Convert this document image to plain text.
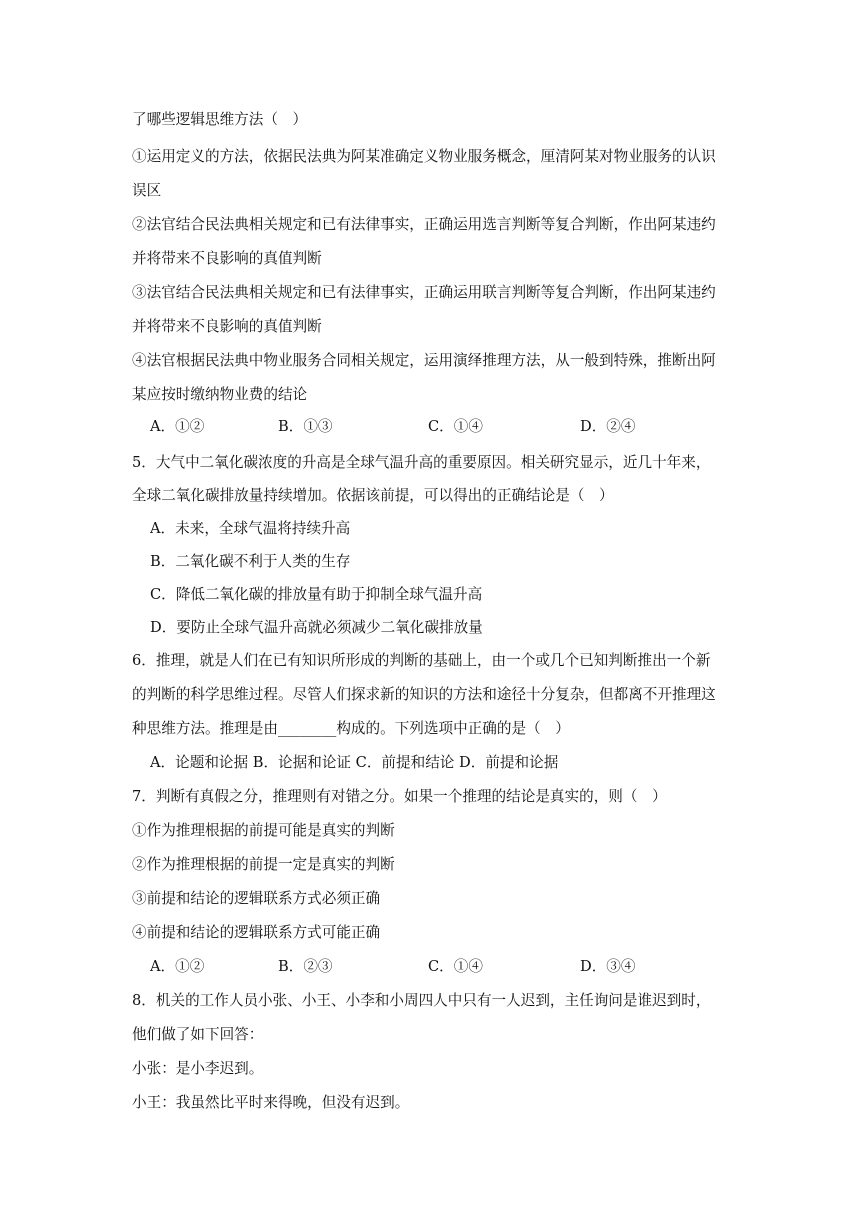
了哪些逻辑思维方法（　）
①运用定义的方法，依据民法典为阿某准确定义物业服务概念，厘清阿某对物业服务的认识
误区
②法官结合民法典相关规定和已有法律事实，正确运用选言判断等复合判断，作出阿某违约
并将带来不良影响的真值判断
③法官结合民法典相关规定和已有法律事实，正确运用联言判断等复合判断，作出阿某违约
并将带来不良影响的真值判断
④法官根据民法典中物业服务合同相关规定，运用演绎推理方法，从一般到特殊，推断出阿
某应按时缴纳物业费的结论
A．①②	B．①③	C．①④	D．②④
5．大气中二氧化碳浓度的升高是全球气温升高的重要原因。相关研究显示，近几十年来，
全球二氧化碳排放量持续增加。依据该前提，可以得出的正确结论是（　）
A．未来，全球气温将持续升高
B．二氧化碳不利于人类的生存
C．降低二氧化碳的排放量有助于抑制全球气温升高
D．要防止全球气温升高就必须减少二氧化碳排放量
6．推理，就是人们在已有知识所形成的判断的基础上，由一个或几个已知判断推出一个新
的判断的科学思维过程。尽管人们探求新的知识的方法和途径十分复杂，但都离不开推理这
种思维方法。推理是由________构成的。下列选项中正确的是（　）
A．论题和论据 B．论据和论证 C．前提和结论 D．前提和论据
7．判断有真假之分，推理则有对错之分。如果一个推理的结论是真实的，则（　）
①作为推理根据的前提可能是真实的判断
②作为推理根据的前提一定是真实的判断
③前提和结论的逻辑联系方式必须正确
④前提和结论的逻辑联系方式可能正确
A．①②	B．②③	C．①④	D．③④
8．机关的工作人员小张、小王、小李和小周四人中只有一人迟到，主任询问是谁迟到时，
他们做了如下回答：
小张：是小李迟到。
小王：我虽然比平时来得晚，但没有迟到。
